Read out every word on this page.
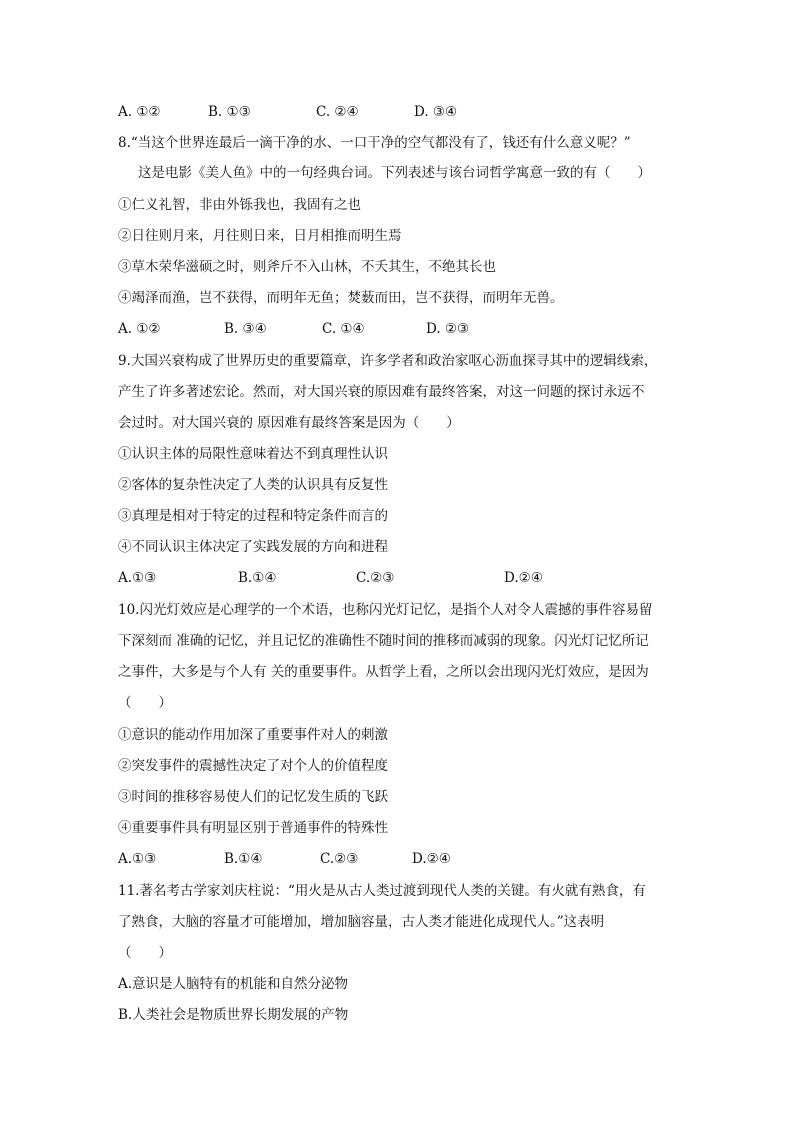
A. ①②	B. ①③	C. ②④	D. ③④
8.“当这个世界连最后一滴干净的水、一口干净的空气都没有了，钱还有什么意义呢？”
这是电影《美人鱼》中的一句经典台词。下列表述与该台词哲学寓意一致的有（　　）
①仁义礼智，非由外铄我也，我固有之也
②日往则月来，月往则日来，日月相推而明生焉
③草木荣华滋硕之时，则斧斤不入山林，不夭其生，不绝其长也
④竭泽而渔，岂不获得，而明年无鱼；焚薮而田，岂不获得，而明年无兽。
A. ①②	B. ③④	C. ①④	D. ②③
9.大国兴衰构成了世界历史的重要篇章，许多学者和政治家呕心沥血探寻其中的逻辑线索，
产生了许多著述宏论。然而，对大国兴衰的原因难有最终答案，对这一问题的探讨永远不
会过时。对大国兴衰的 原因难有最终答案是因为（　　）
①认识主体的局限性意味着达不到真理性认识
②客体的复杂性决定了人类的认识具有反复性
③真理是相对于特定的过程和特定条件而言的
④不同认识主体决定了实践发展的方向和进程
A.①③	B.①④	C.②③	D.②④
10.闪光灯效应是心理学的一个术语，也称闪光灯记忆，是指个人对令人震撼的事件容易留
下深刻而 准确的记忆，并且记忆的准确性不随时间的推移而减弱的现象。闪光灯记忆所记
之事件，大多是与个人有 关的重要事件。从哲学上看，之所以会出现闪光灯效应，是因为
（　　）
①意识的能动作用加深了重要事件对人的刺激
②突发事件的震撼性决定了对个人的价值程度
③时间的推移容易使人们的记忆发生质的飞跃
④重要事件具有明显区别于普通事件的特殊性
A.①③	B.①④	C.②③	D.②④
11.著名考古学家刘庆柱说：“用火是从古人类过渡到现代人类的关键。有火就有熟食，有
了熟食，大脑的容量才可能增加，增加脑容量，古人类才能进化成现代人。”这表明
（　　）
A.意识是人脑特有的机能和自然分泌物
B.人类社会是物质世界长期发展的产物
